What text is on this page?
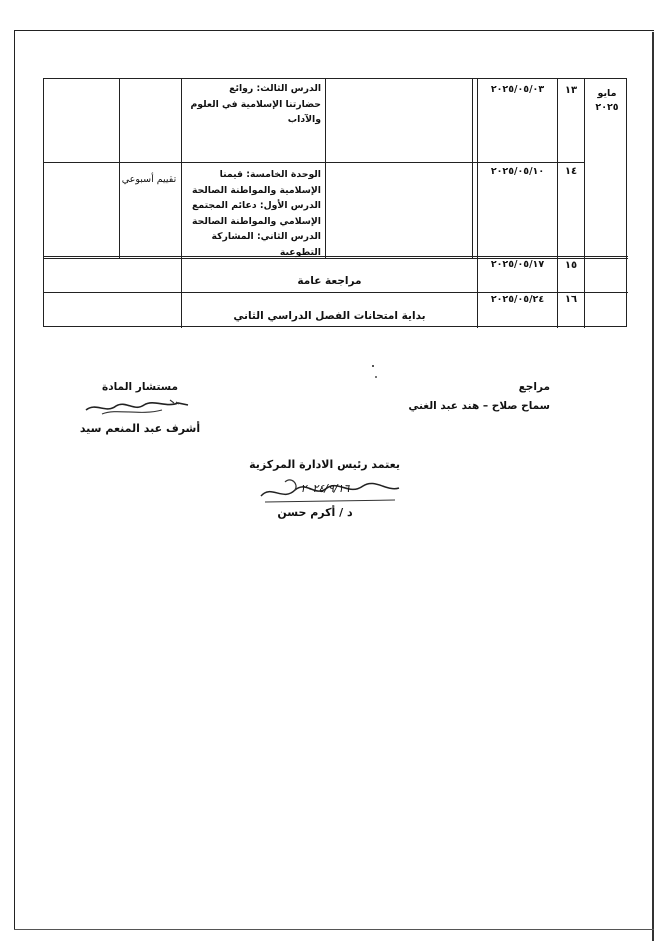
مايو ٢٠٢٥
١٣
٢٠٢٥/٠٥/٠٣
الدرس الثالث: روائع
حضارتنا الإسلامية في العلوم
والآداب
١٤
٢٠٢٥/٠٥/١٠
الوحدة الخامسة: قيمنا
الإسلامية والمواطنة الصالحة
الدرس الأول: دعائم المجتمع
الإسلامي والمواطنة الصالحة
الدرس الثاني: المشاركة
التطوعية
تقييم أسبوعي
١٥
٢٠٢٥/٠٥/١٧
مراجعة عامة
١٦
٢٠٢٥/٠٥/٢٤
بداية امتحانات الفصل الدراسي الثاني
مراجع
سماح صلاح – هند عبد الغني
مستشار المادة
أشرف عبد المنعم سيد
يعتمد رئيس الادارة المركزية
٢٠٢٤/٩/١٦
د / أكرم حسن
